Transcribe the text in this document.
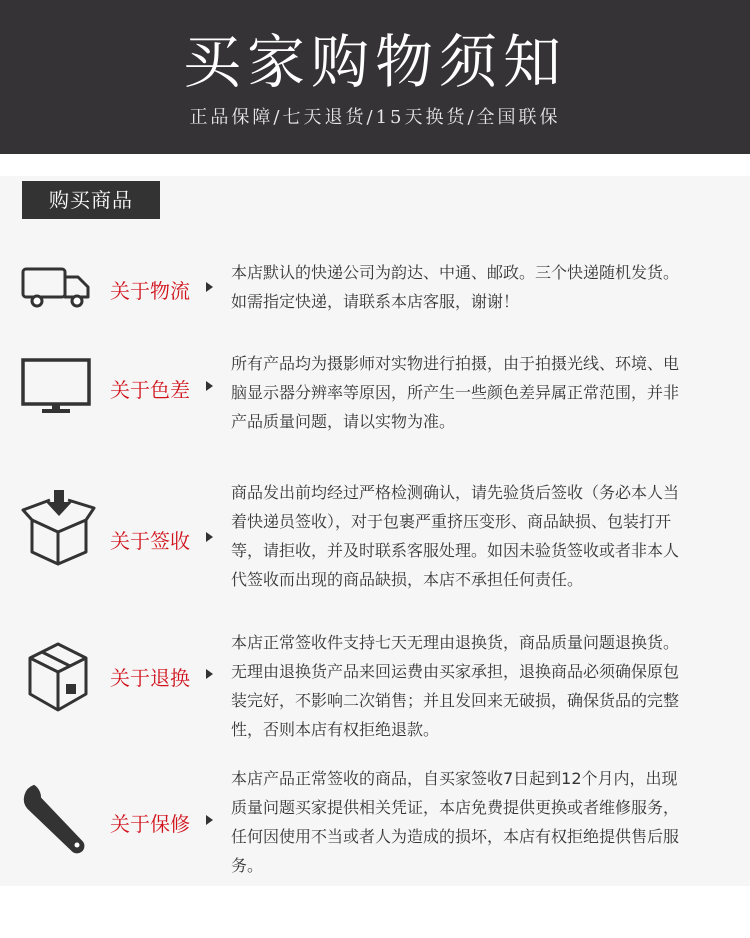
买家购物须知
正品保障/七天退货/15天换货/全国联保
购买商品
关于物流
本店默认的快递公司为韵达、中通、邮政。三个快递随机发货。如需指定快递，请联系本店客服，谢谢！
关于色差
所有产品均为摄影师对实物进行拍摄，由于拍摄光线、环境、电脑显示器分辨率等原因，所产生一些颜色差异属正常范围，并非产品质量问题，请以实物为准。
关于签收
商品发出前均经过严格检测确认，请先验货后签收（务必本人当着快递员签收），对于包裹严重挤压变形、商品缺损、包装打开等，请拒收，并及时联系客服处理。如因未验货签收或者非本人代签收而出现的商品缺损，本店不承担任何责任。
关于退换
本店正常签收件支持七天无理由退换货，商品质量问题退换货。无理由退换货产品来回运费由买家承担，退换商品必须确保原包装完好，不影响二次销售；并且发回来无破损，确保货品的完整性，否则本店有权拒绝退款。
关于保修
本店产品正常签收的商品，自买家签收7日起到12个月内，出现质量问题买家提供相关凭证，本店免费提供更换或者维修服务，任何因使用不当或者人为造成的损坏，本店有权拒绝提供售后服务。
